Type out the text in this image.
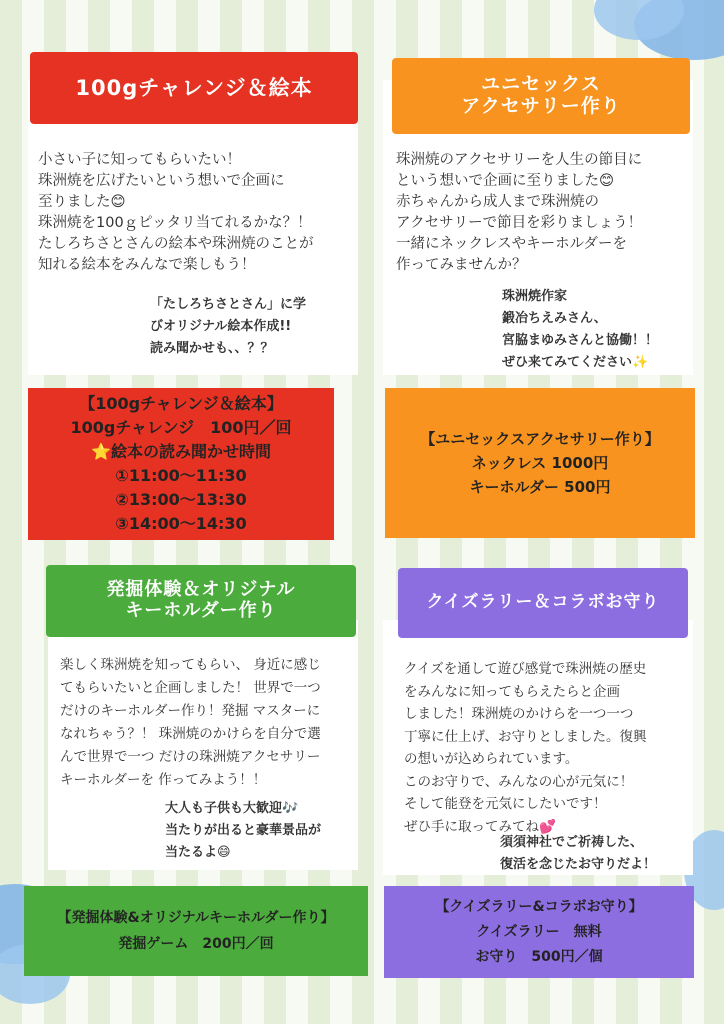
100gチャレンジ＆絵本
小さい子に知ってもらいたい！
珠洲焼を広げたいという想いで企画に
至りました😊
珠洲焼を100ｇピッタリ当てれるかな？！
たしろちさとさんの絵本や珠洲焼のことが
知れる絵本をみんなで楽しもう！
「たしろちさとさん」に学
びオリジナル絵本作成!!
読み聞かせも、、？？
【100gチャレンジ＆絵本】
100gチャレンジ　100円／回
⭐絵本の読み聞かせ時間
①11:00〜11:30
②13:00〜13:30
③14:00〜14:30
ユニセックス
アクセサリー作り
珠洲焼のアクセサリーを人生の節目に
という想いで企画に至りました😊
赤ちゃんから成人まで珠洲焼の
アクセサリーで節目を彩りましょう！
一緒にネックレスやキーホルダーを
作ってみませんか？
珠洲焼作家
鍛冶ちえみさん、
宮脇まゆみさんと協働！！
ぜひ来てみてください✨
【ユニセックスアクセサリー作り】
ネックレス 1000円
キーホルダー 500円
発掘体験＆オリジナル
キーホルダー作り
楽しく珠洲焼を知ってもらい、 身近に感じ
てもらいたいと企画しました！ 世界で一つ
だけのキーホルダー作り！発掘 マスターに
なれちゃう？！ 珠洲焼のかけらを自分で選
んで世界で一つ だけの珠洲焼アクセサリー
キーホルダーを 作ってみよう！！
大人も子供も大歓迎🎶
当たりが出ると豪華景品が
当たるよ😄
【発掘体験&オリジナルキーホルダー作り】
発掘ゲーム　200円／回
クイズラリー＆コラボお守り
クイズを通して遊び感覚で珠洲焼の歴史
をみんなに知ってもらえたらと企画
しました！珠洲焼のかけらを一つ一つ
丁寧に仕上げ、お守りとしました。復興
の想いが込められています。
このお守りで、みんなの心が元気に！
そして能登を元気にしたいです！
ぜひ手に取ってみてね💕
須須神社でご祈祷した、
復活を念じたお守りだよ！
【クイズラリー&コラボお守り】
クイズラリー　無料
お守り　500円／個
